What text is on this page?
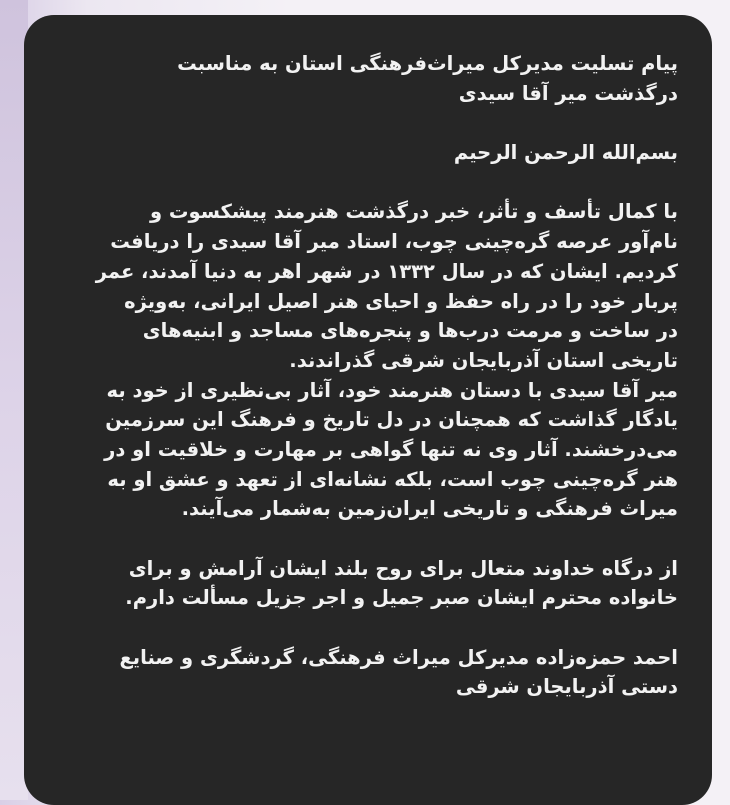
پیام تسلیت مدیرکل میراث‌فرهنگی استان به مناسبت
درگذشت میر آقا سیدی
بسم‌الله الرحمن الرحیم
با کمال تأسف و تأثر، خبر درگذشت هنرمند پیشکسوت و
نام‌آور عرصه گره‌چینی چوب، استاد میر آقا سیدی را دریافت
کردیم. ایشان که در سال ۱۳۳۲ در شهر اهر به دنیا آمدند، عمر
پربار خود را در راه حفظ و احیای هنر اصیل ایرانی، به‌ویژه
در ساخت و مرمت درب‌ها و پنجره‌های مساجد و ابنیه‌های
تاریخی استان آذربایجان شرقی گذراندند.
میر آقا سیدی با دستان هنرمند خود، آثار بی‌نظیری از خود به
یادگار گذاشت که همچنان در دل تاریخ و فرهنگ این سرزمین
می‌درخشند. آثار وی نه تنها گواهی بر مهارت و خلاقیت او در
هنر گره‌چینی چوب است، بلکه نشانه‌ای از تعهد و عشق او به
میراث فرهنگی و تاریخی ایران‌زمین به‌شمار می‌آیند.
از درگاه خداوند متعال برای روح بلند ایشان آرامش و برای
خانواده محترم ایشان صبر جمیل و اجر جزیل مسألت دارم.
احمد حمزه‌زاده مدیرکل میراث فرهنگی، گردشگری و صنایع
دستی آذربایجان شرقی
